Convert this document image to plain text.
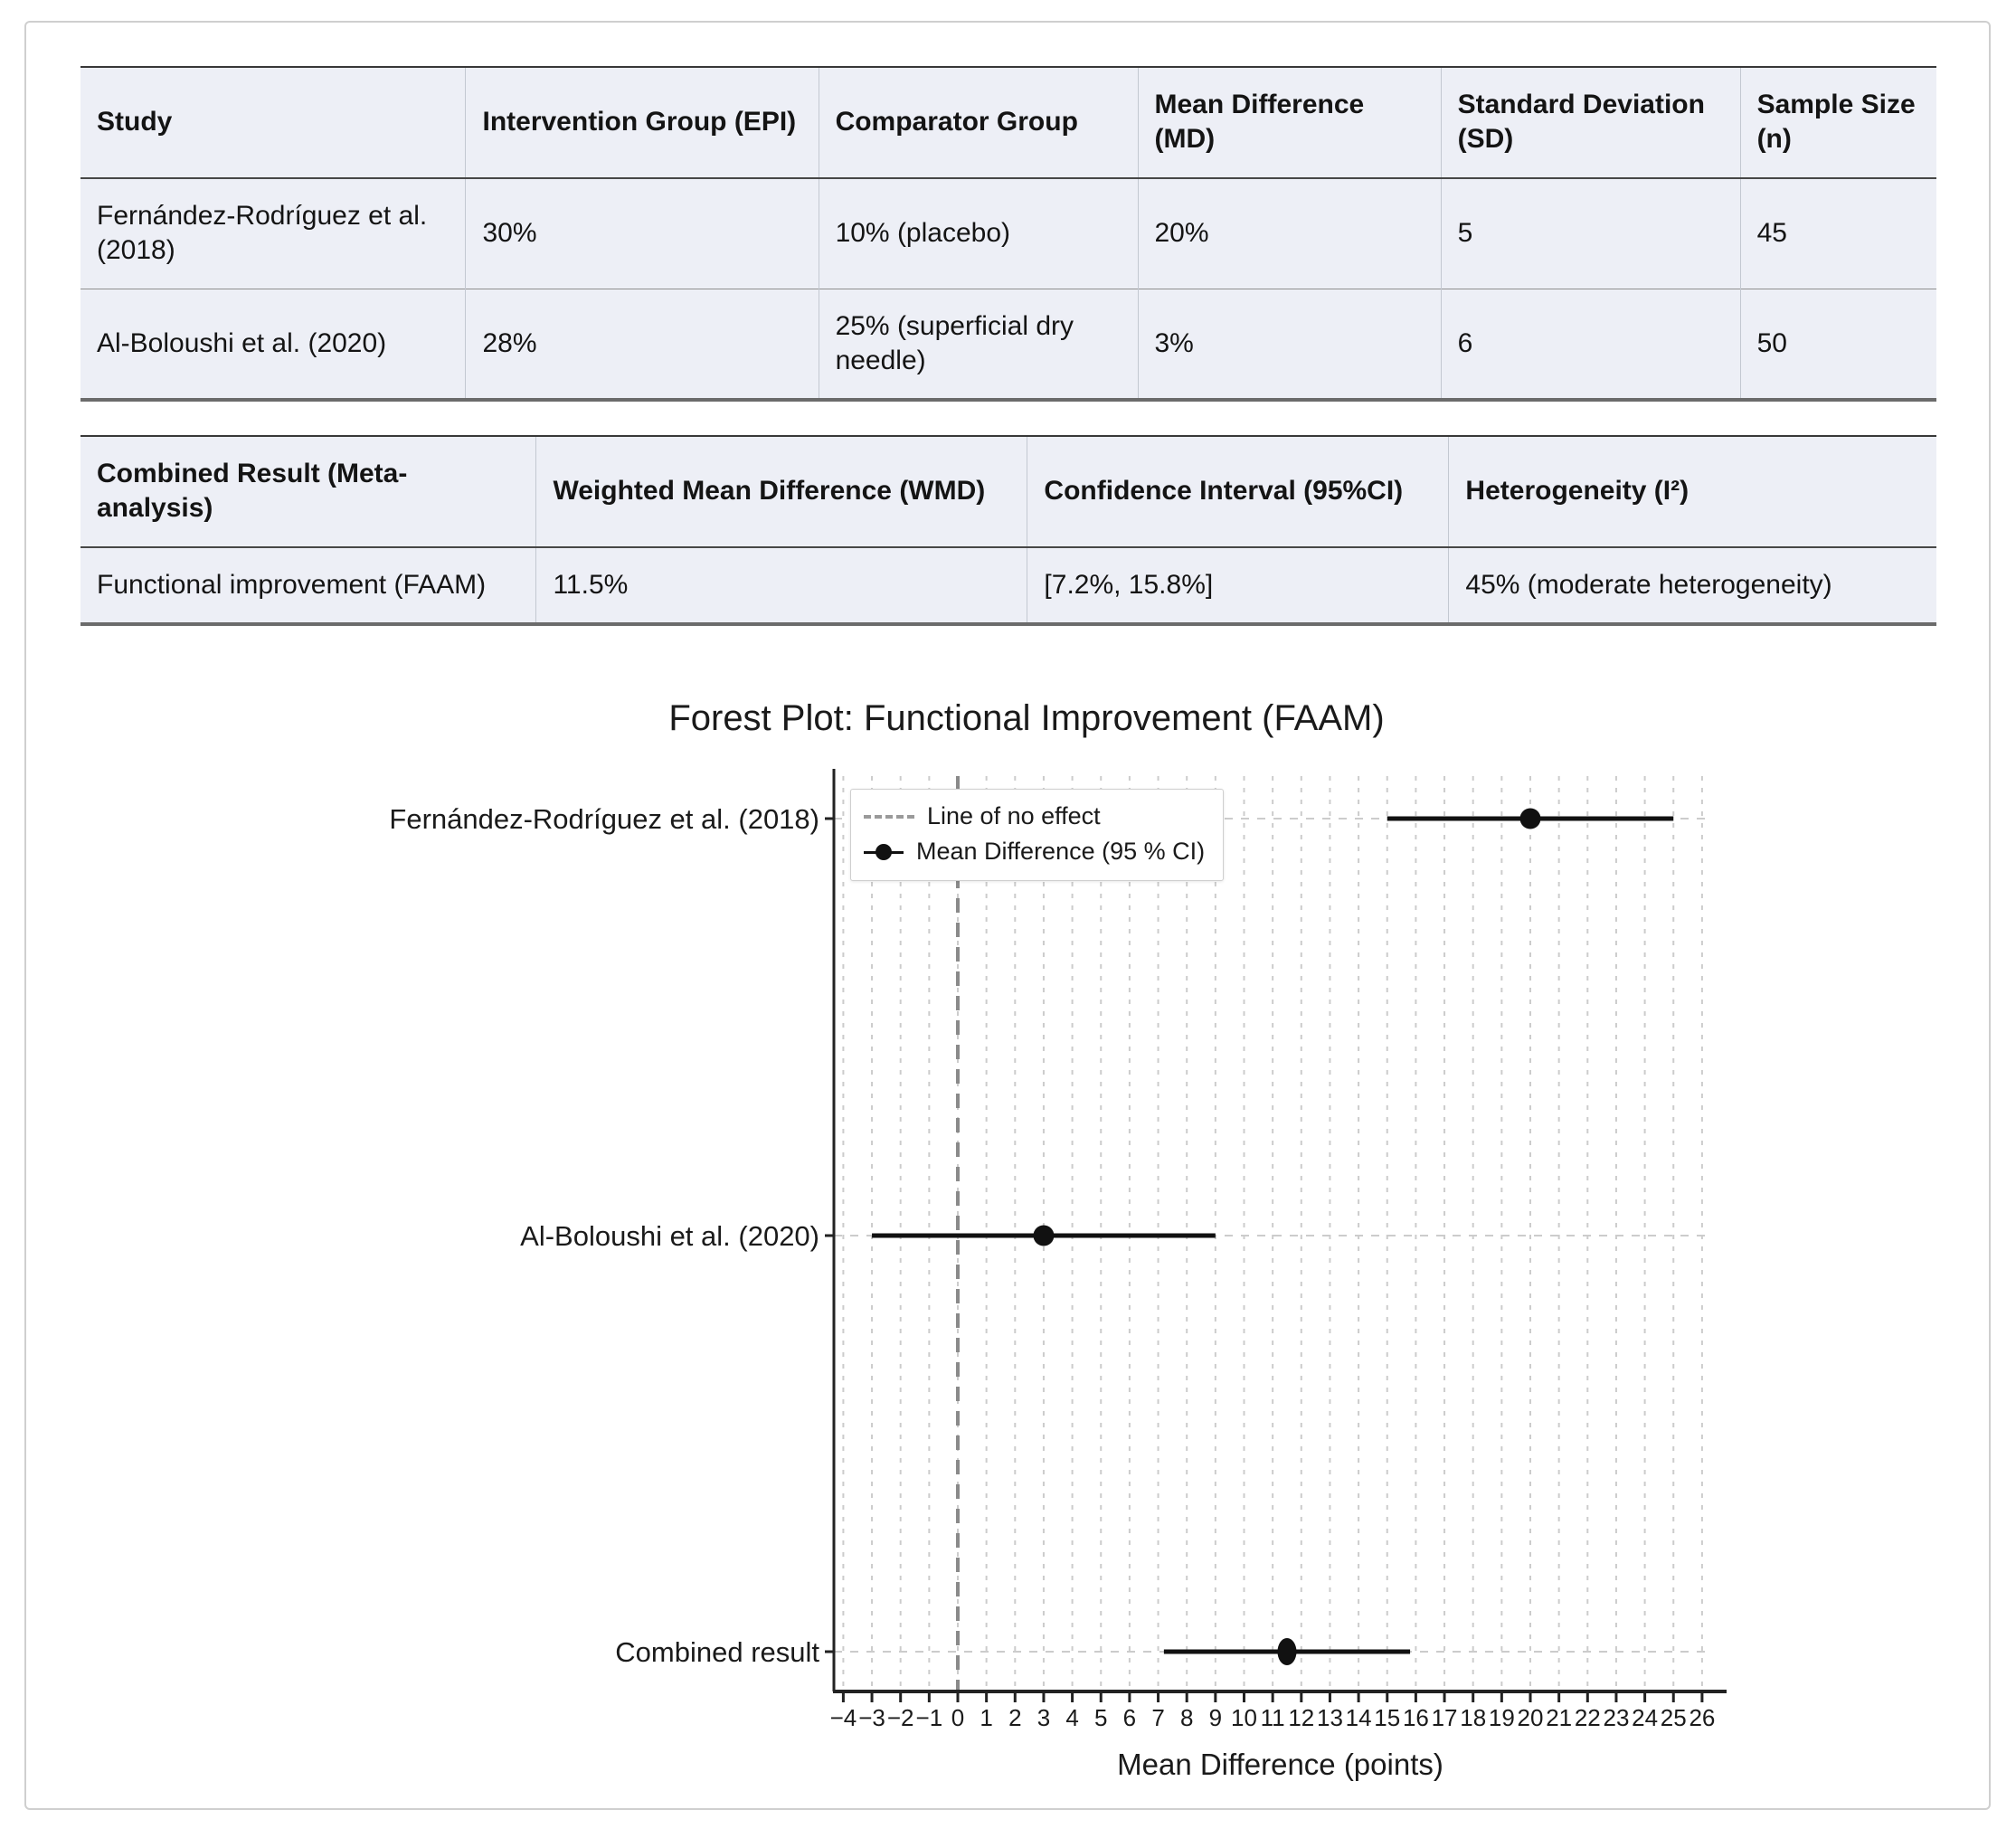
Study	Intervention Group (EPI)	Comparator Group	Mean Difference (MD)	Standard Deviation (SD)	Sample Size (n)
Fernández-Rodríguez et al. (2018)	30%	10% (placebo)	20%	5	45
Al-Boloushi et al. (2020)	28%	25% (superficial dry needle)	3%	6	50
Combined Result (Meta-analysis)	Weighted Mean Difference (WMD)	Confidence Interval (95%CI)	Heterogeneity (I²)
Functional improvement (FAAM)	11.5%	[7.2%, 15.8%]	45% (moderate heterogeneity)
Forest Plot: Functional Improvement (FAAM)
−4 −3 −2 −1 0 1 2 3 4 5 6 7 8 9 10 11 12 13 14 15 16 17 18 19 20 21 22 23 24 25 26
Mean Difference (points)
Fernández-Rodríguez et al. (2018)
Al-Boloushi et al. (2020)
Combined result
Line of no effect
Mean Difference (95 % CI)
